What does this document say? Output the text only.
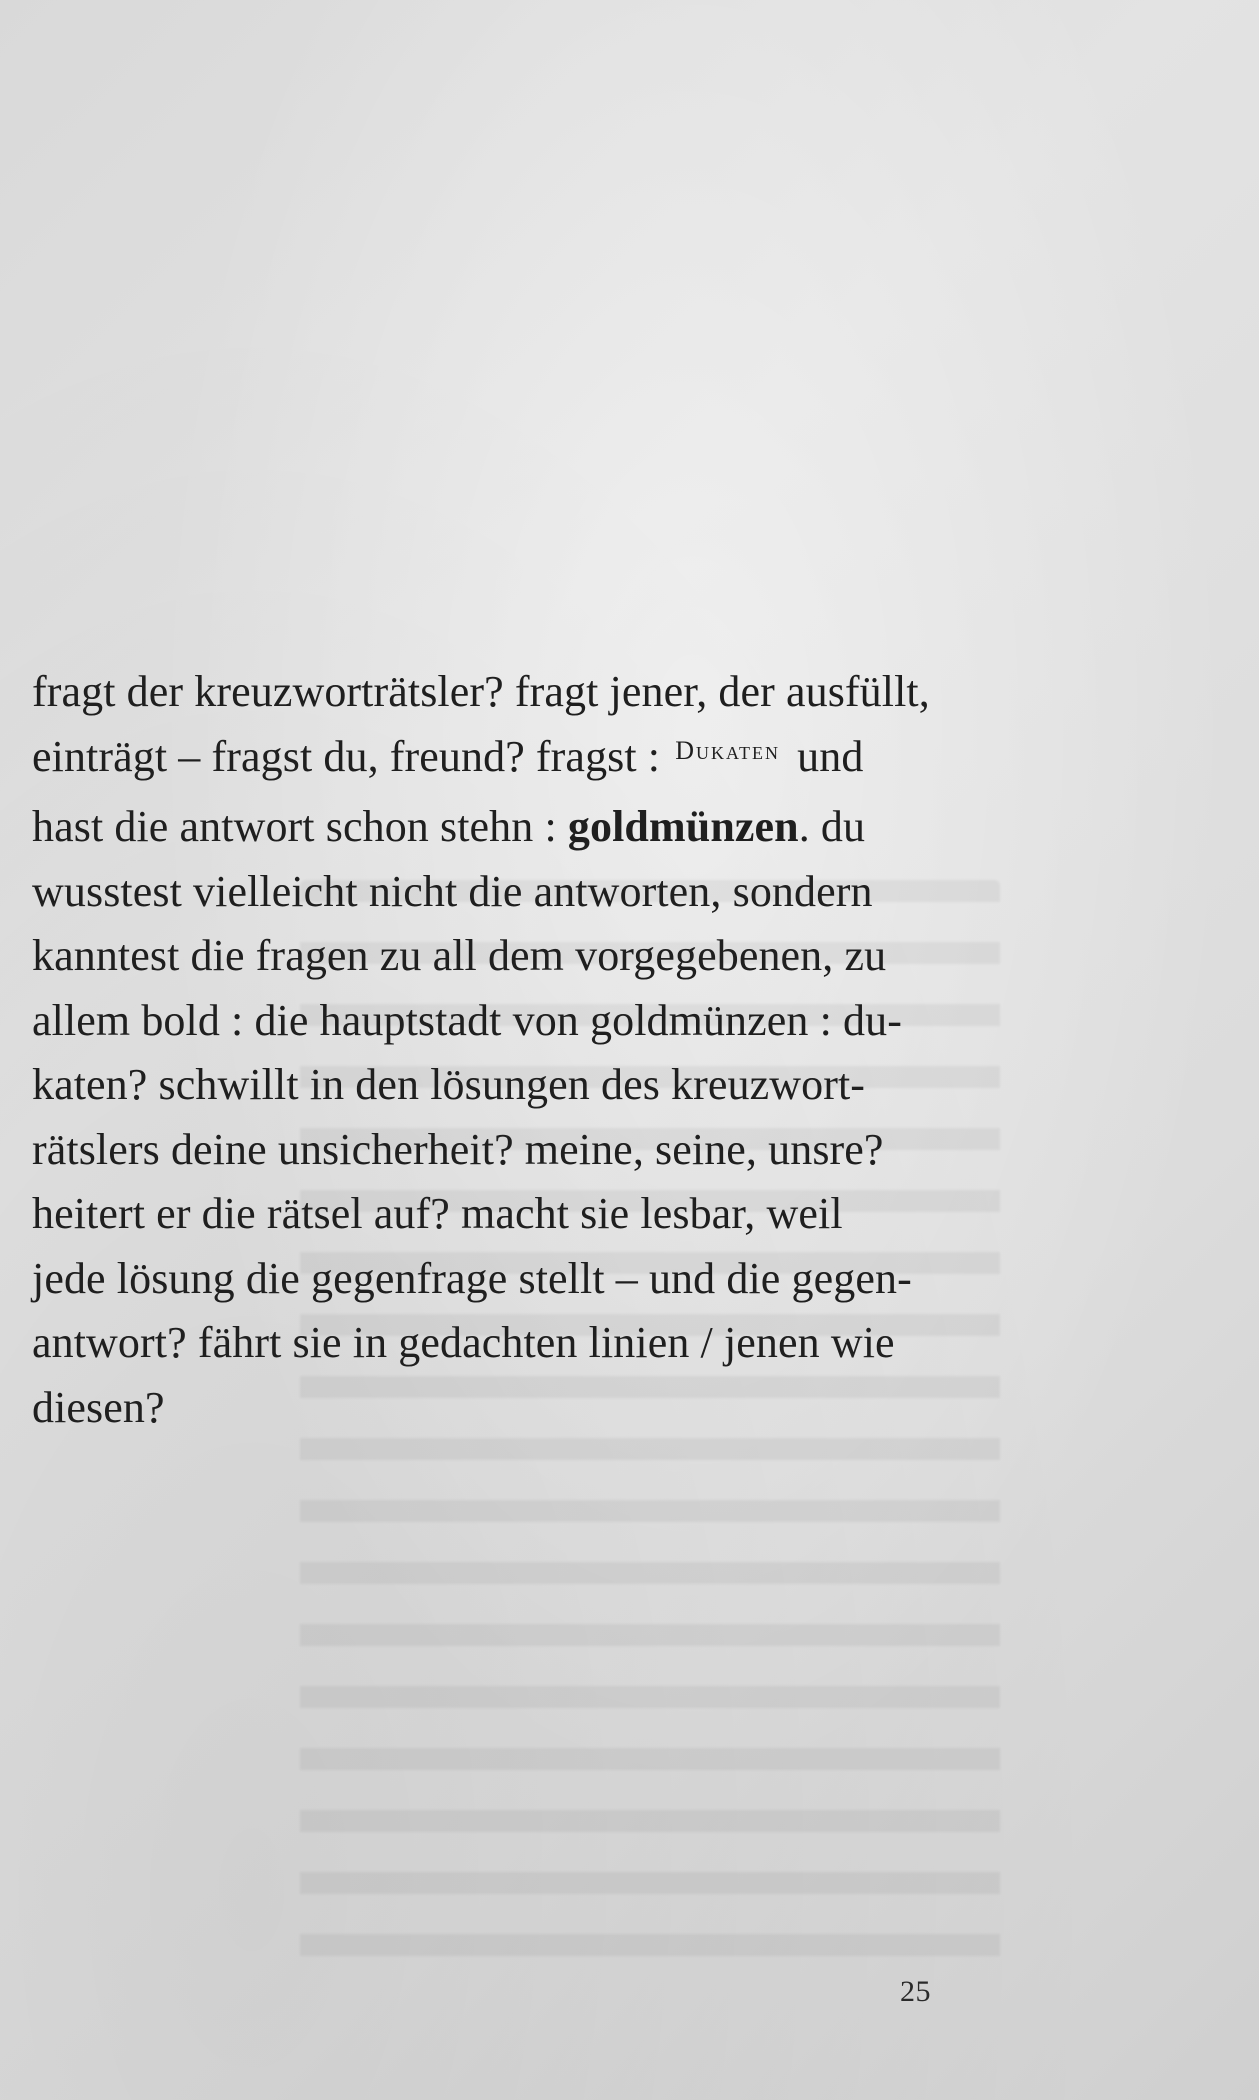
fragt der kreuzworträtsler? fragt jener, der ausfüllt,
einträgt – fragst du, freund? fragst : $^{Dukaten}$ und
hast die antwort schon stehn : goldmünzen. du
wusstest vielleicht nicht die antworten, sondern
kanntest die fragen zu all dem vorgegebenen, zu
allem bold : die hauptstadt von goldmünzen : du-
katen? schwillt in den lösungen des kreuzwort-
rätslers deine unsicherheit? meine, seine, unsre?
heitert er die rätsel auf? macht sie lesbar, weil
jede lösung die gegenfrage stellt – und die gegen-
antwort? fährt sie in gedachten linien / jenen wie
diesen?
25
